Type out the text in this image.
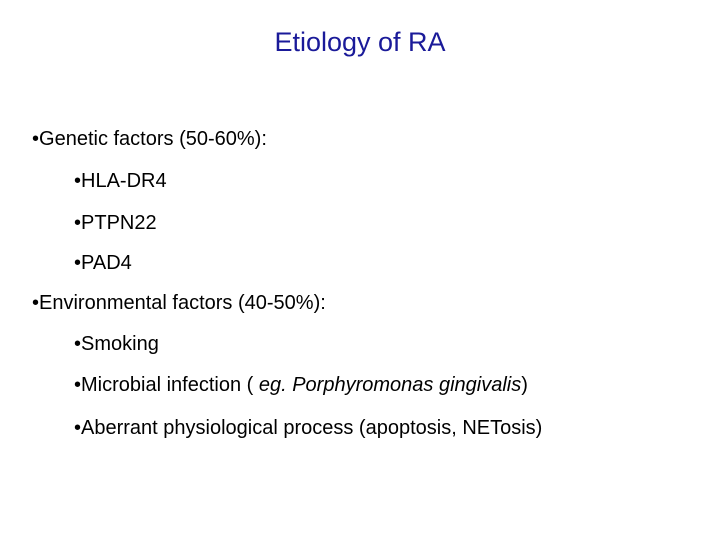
Etiology of RA
•Genetic factors (50-60%):
•HLA-DR4
•PTPN22
•PAD4
•Environmental factors (40-50%):
•Smoking
•Microbial infection ( eg. Porphyromonas gingivalis)
•Aberrant physiological process (apoptosis, NETosis)
